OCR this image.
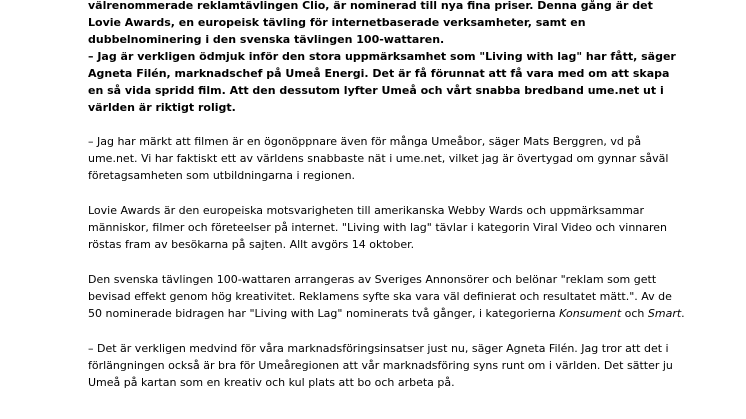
välrenommerade reklamtävlingen Clio, är nominerad till nya fina priser. Denna gång är det Lovie Awards, en europeisk tävling för internetbaserade verksamheter, samt en dubbelnominering i den svenska tävlingen 100-wattaren.

– Jag är verkligen ödmjuk inför den stora uppmärksamhet som "Living with lag" har fått, säger Agneta Filén, marknadschef på Umeå Energi. Det är få förunnat att få vara med om att skapa en så vida spridd film. Att den dessutom lyfter Umeå och vårt snabba bredband ume.net ut i världen är riktigt roligt.

– Jag har märkt att filmen är en ögonöppnare även för många Umeåbor, säger Mats Berggren, vd på ume.net. Vi har faktiskt ett av världens snabbaste nät i ume.net, vilket jag är övertygad om gynnar såväl företagsamheten som utbildningarna i regionen.

Lovie Awards är den europeiska motsvarigheten till amerikanska Webby Wards och uppmärksammar människor, filmer och företeelser på internet. "Living with lag" tävlar i kategorin Viral Video och vinnaren röstas fram av besökarna på sajten. Allt avgörs 14 oktober.

Den svenska tävlingen 100-wattaren arrangeras av Sveriges Annonsörer och belönar "reklam som gett bevisad effekt genom hög kreativitet. Reklamens syfte ska vara väl definierat och resultatet mätt.". Av de 50 nominerade bidragen har "Living with Lag" nominerats två gånger, i kategorierna Konsument och Smart.

– Det är verkligen medvind för våra marknadsföringsinsatser just nu, säger Agneta Filén. Jag tror att det i förlängningen också är bra för Umeåregionen att vår marknadsföring syns runt om i världen. Det sätter ju Umeå på kartan som en kreativ och kul plats att bo och arbeta på.
